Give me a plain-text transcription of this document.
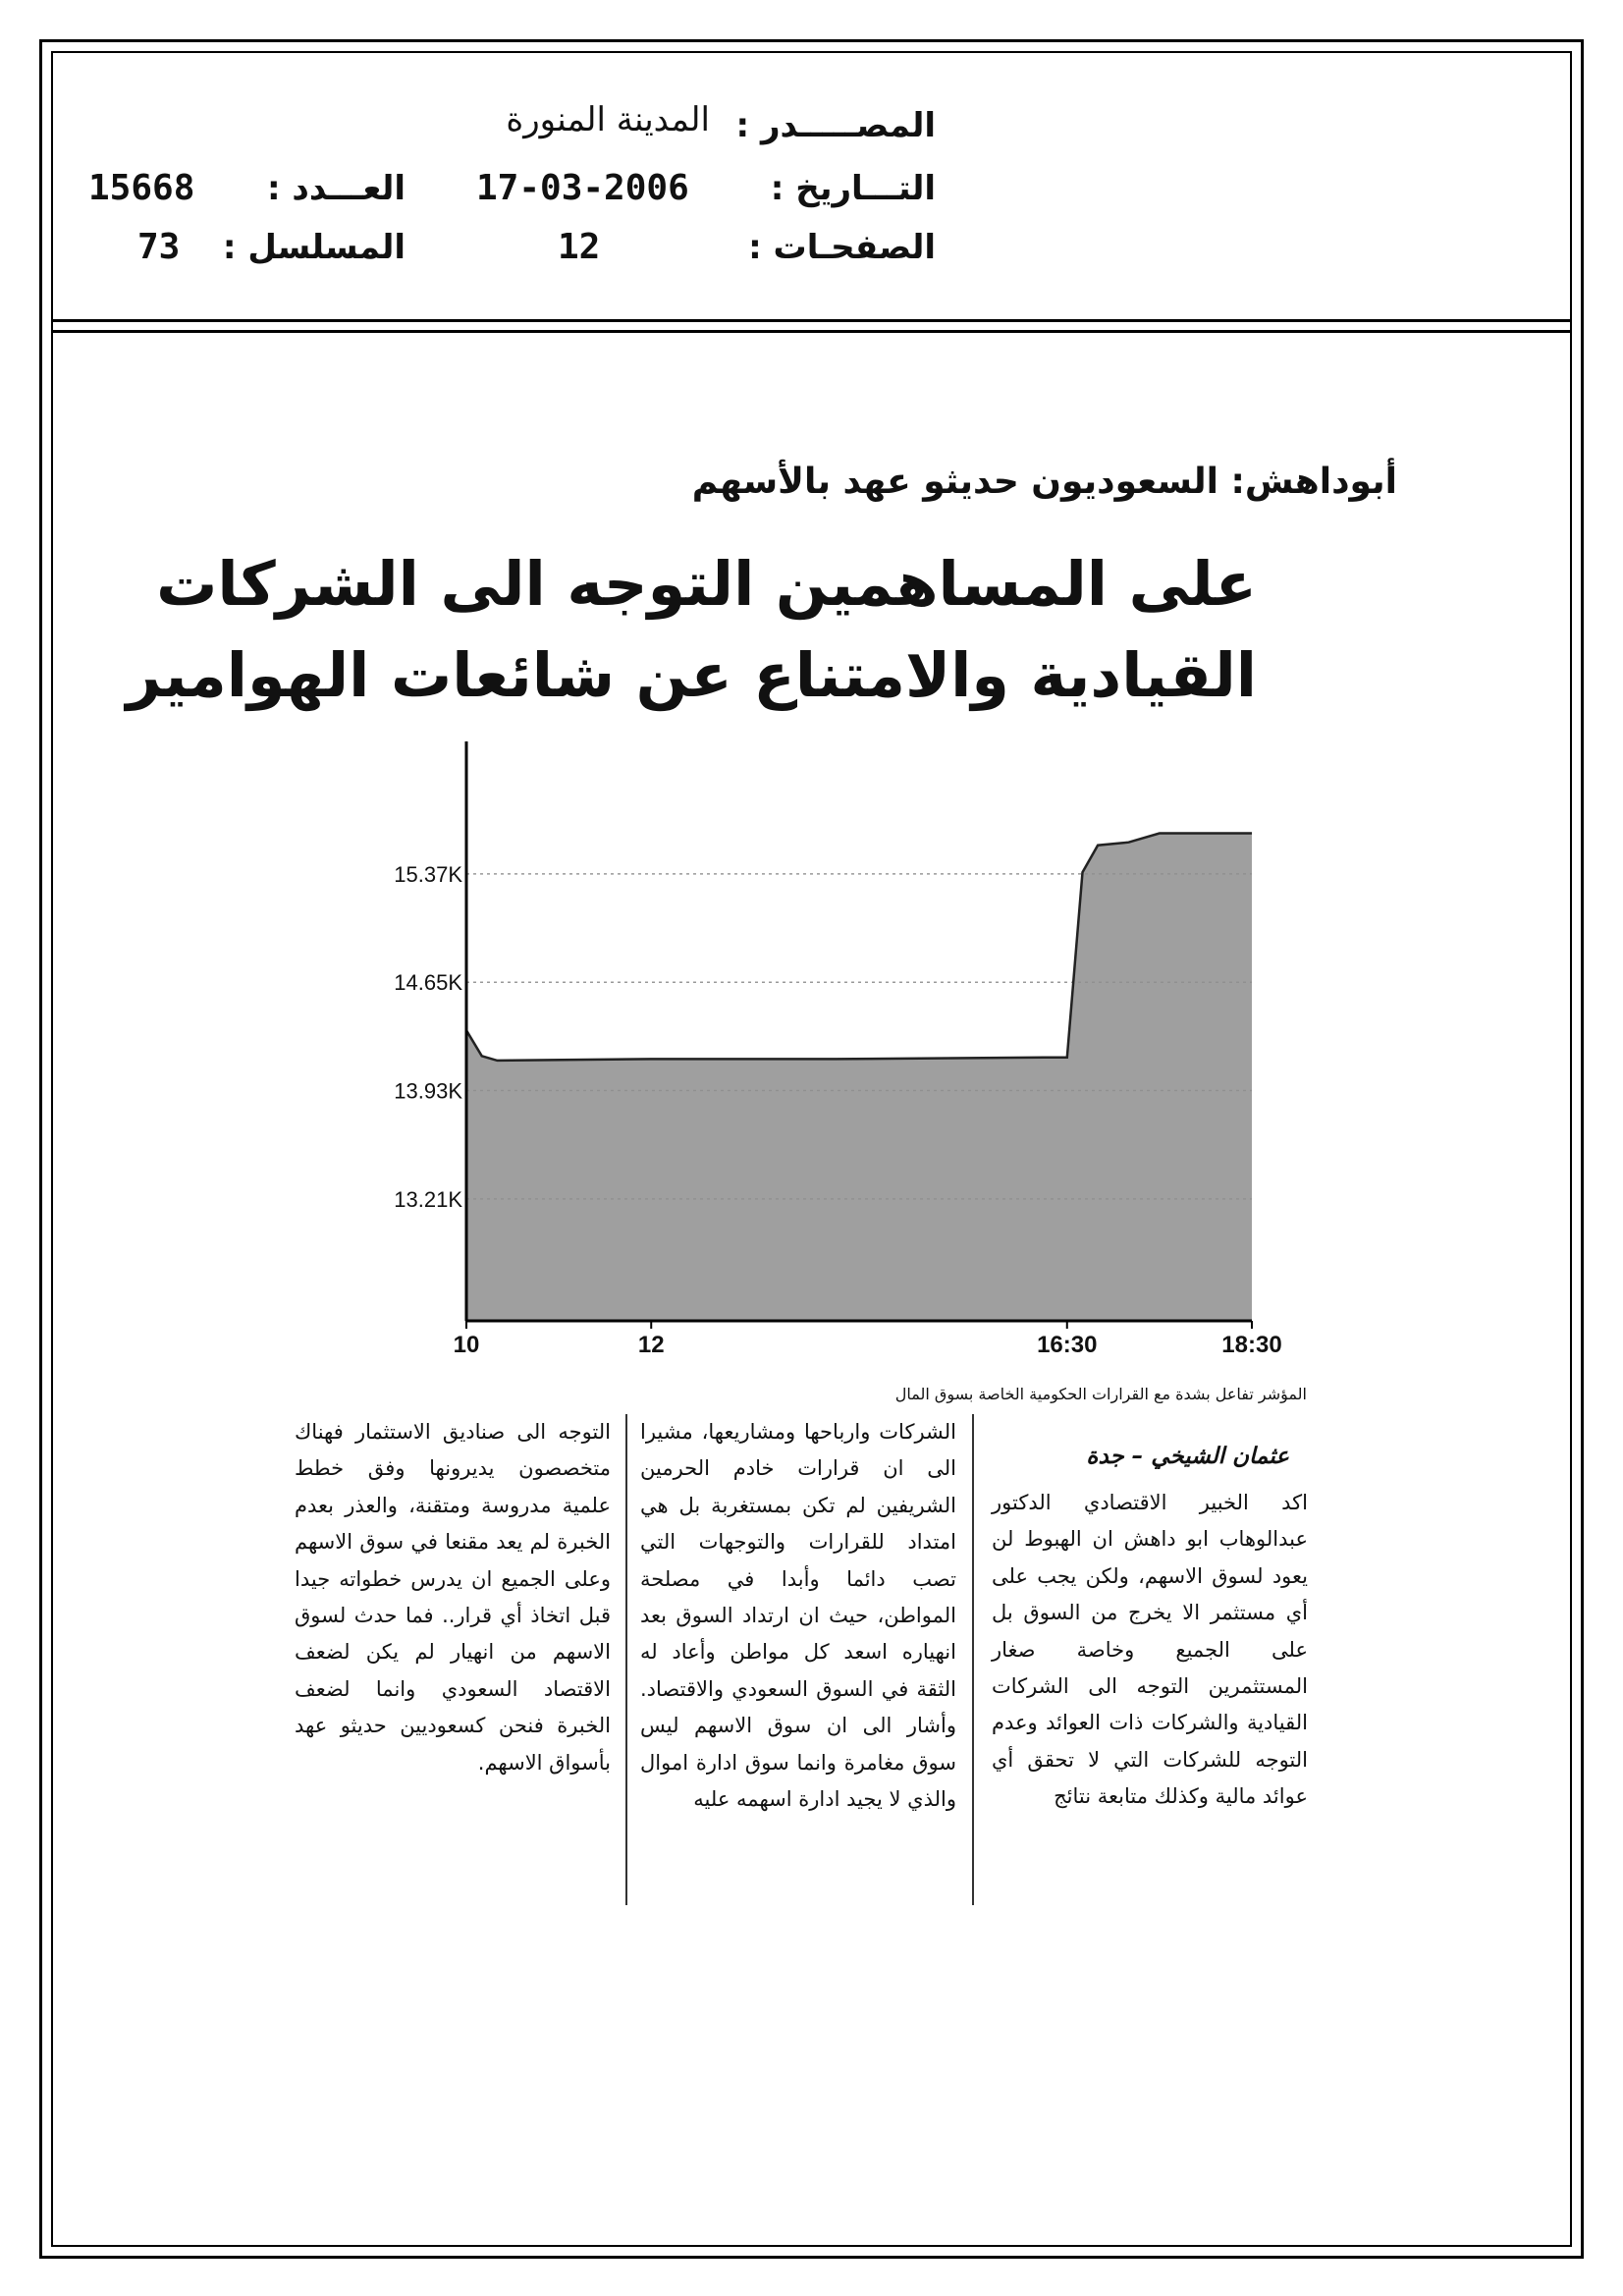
المصـــــدر :
المدينة المنورة
التـــاريخ :
17-03-2006
العـــدد :
15668
الصفحـات :
12
المسلسل :
73
أبوداهش: السعوديون حديثو عهد بالأسهم
على المساهمين التوجه الى الشركات
القيادية والامتناع عن شائعات الهوامير
15.37K
14.65K
13.93K
13.21K
10	12	16:30	18:30
المؤشر تفاعل بشدة مع القرارات الحكومية الخاصة بسوق المال
عثمان الشيخي – جدة

اكد الخبير الاقتصادي الدكتور عبدالوهاب ابو داهش ان الهبوط لن يعود لسوق الاسهم، ولكن يجب على أي مستثمر الا يخرج من السوق بل على الجميع وخاصة صغار المستثمرين التوجه الى الشركات القيادية والشركات ذات العوائد وعدم التوجه للشركات التي لا تحقق أي عوائد مالية وكذلك متابعة نتائج

الشركات وارباحها ومشاريعها، مشيرا الى ان قرارات خادم الحرمين الشريفين لم تكن بمستغربة بل هي امتداد للقرارات والتوجهات التي تصب دائما وأبدا في مصلحة المواطن، حيث ان ارتداد السوق بعد انهياره اسعد كل مواطن وأعاد له الثقة في السوق السعودي والاقتصاد. وأشار الى ان سوق الاسهم ليس سوق مغامرة وانما سوق ادارة اموال والذي لا يجيد ادارة اسهمه عليه

التوجه الى صناديق الاستثمار فهناك متخصصون يديرونها وفق خطط علمية مدروسة ومتقنة، والعذر بعدم الخبرة لم يعد مقنعا في سوق الاسهم وعلى الجميع ان يدرس خطواته جيدا قبل اتخاذ أي قرار.. فما حدث لسوق الاسهم من انهيار لم يكن لضعف الاقتصاد السعودي وانما لضعف الخبرة فنحن كسعوديين حديثو عهد بأسواق الاسهم.
